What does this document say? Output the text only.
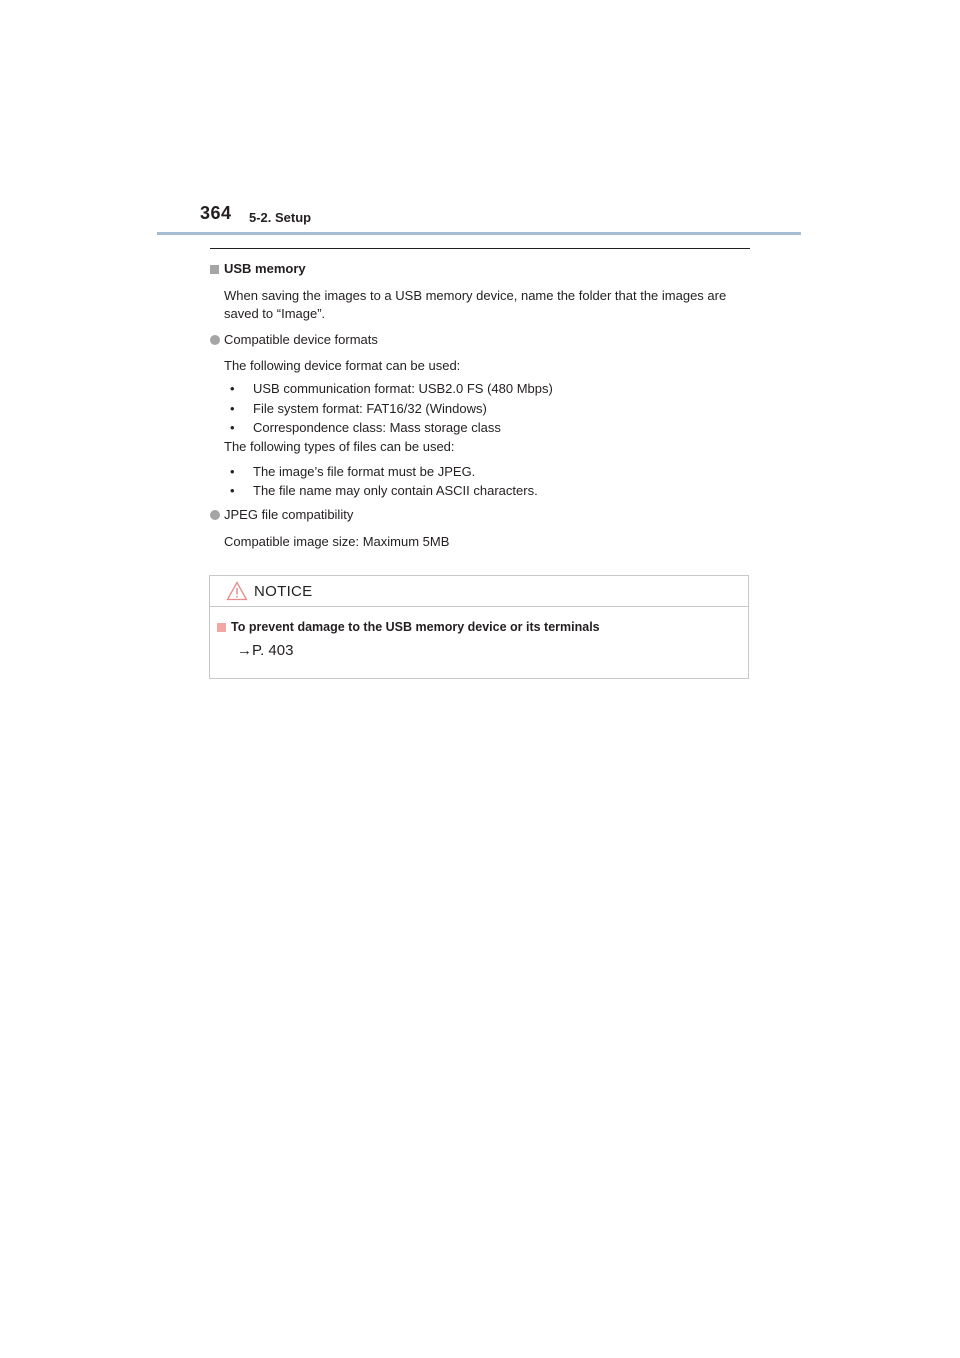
364 5-2. Setup
USB memory
When saving the images to a USB memory device, name the folder that the images are saved to “Image”.
Compatible device formats
The following device format can be used:
•	USB communication format: USB2.0 FS (480 Mbps)
•	File system format: FAT16/32 (Windows)
•	Correspondence class: Mass storage class
The following types of files can be used:
•	The image’s file format must be JPEG.
•	The file name may only contain ASCII characters.
JPEG file compatibility
Compatible image size: Maximum 5MB
NOTICE
To prevent damage to the USB memory device or its terminals
→P. 403
